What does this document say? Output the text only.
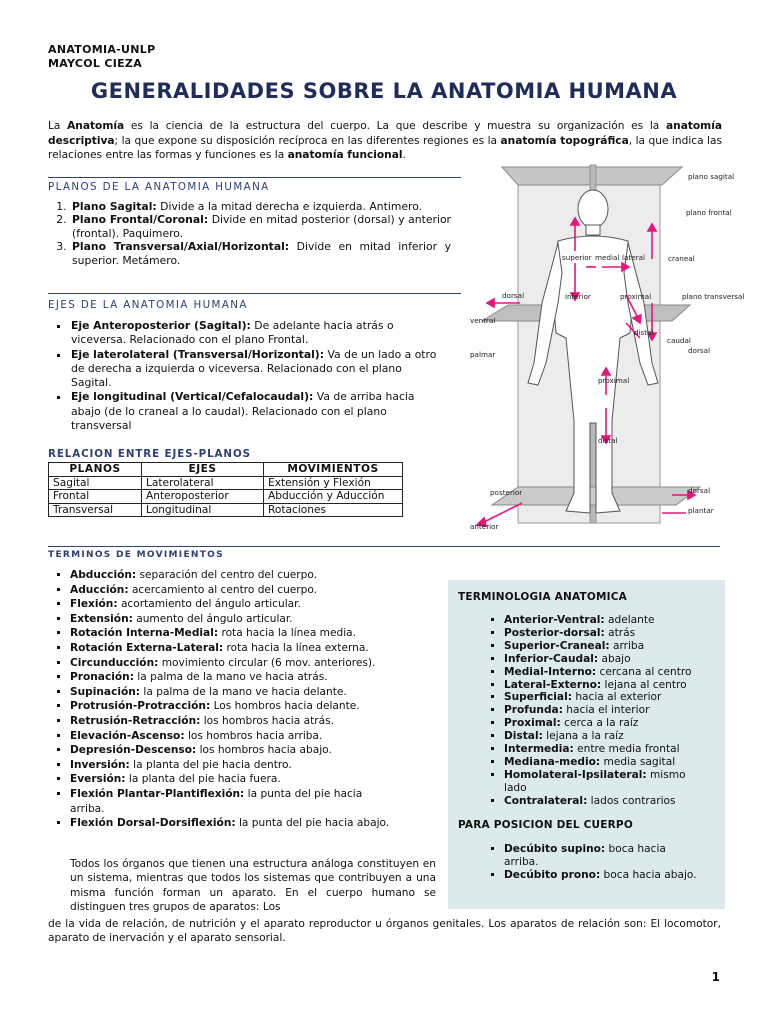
ANATOMIA-UNLP
MAYCOL CIEZA
GENERALIDADES SOBRE LA ANATOMIA HUMANA
La Anatomía es la ciencia de la estructura del cuerpo. La que describe y muestra su organización es la anatomía descriptiva; la que expone su disposición recíproca en las diferentes regiones es la anatomía topográfica, la que indica las relaciones entre las formas y funciones es la anatomía funcional.
PLANOS DE LA ANATOMIA HUMANA
1. Plano Sagital: Divide a la mitad derecha e izquierda. Antimero.
2. Plano Frontal/Coronal: Divide en mitad posterior (dorsal) y anterior (frontal). Paquimero.
3. Plano Transversal/Axial/Horizontal: Divide en mitad inferior y superior. Metámero.
EJES DE LA ANATOMIA HUMANA
▪ Eje Anteroposterior (Sagital): De adelante hacia atrás o viceversa. Relacionado con el plano Frontal.
▪ Eje laterolateral (Transversal/Horizontal): Va de un lado a otro de derecha a izquierda o viceversa. Relacionado con el plano Sagital.
▪ Eje longitudinal (Vertical/Cefalocaudal): Va de arriba hacia abajo (de lo craneal a lo caudal). Relacionado con el plano transversal
RELACION ENTRE EJES-PLANOS
PLANOS	EJES	MOVIMIENTOS
Sagital	Laterolateral	Extensión y Flexión
Frontal	Anteroposterior	Abducción y Aducción
Transversal	Longitudinal	Rotaciones
plano sagital
plano frontal
craneal
plano transversal
caudal
dorsal
superior medial lateral
inferior	proximal
distal
dorsal
ventral
palmar
proximal
distal
posterior
anterior
dorsal
plantar
TERMINOS DE MOVIMIENTOS
▪ Abducción: separación del centro del cuerpo.
▪ Aducción: acercamiento al centro del cuerpo.
▪ Flexión: acortamiento del ángulo articular.
▪ Extensión: aumento del ángulo articular.
▪ Rotación Interna-Medial: rota hacia la línea media.
▪ Rotación Externa-Lateral: rota hacia la línea externa.
▪ Circunducción: movimiento circular (6 mov. anteriores).
▪ Pronación: la palma de la mano ve hacia atrás.
▪ Supinación: la palma de la mano ve hacia delante.
▪ Protrusión-Protracción: Los hombros hacia delante.
▪ Retrusión-Retracción: los hombros hacia atrás.
▪ Elevación-Ascenso: los hombros hacia arriba.
▪ Depresión-Descenso: los hombros hacia abajo.
▪ Inversión: la planta del pie hacia dentro.
▪ Eversión: la planta del pie hacia fuera.
▪ Flexión Plantar-Plantiflexión: la punta del pie hacia arriba.
▪ Flexión Dorsal-Dorsiflexión: la punta del pie hacia abajo.
TERMINOLOGIA ANATOMICA
▪ Anterior-Ventral: adelante
▪ Posterior-dorsal: atrás
▪ Superior-Craneal: arriba
▪ Inferior-Caudal: abajo
▪ Medial-Interno: cercana al centro
▪ Lateral-Externo: lejana al centro
▪ Superficial: hacia al exterior
▪ Profunda: hacia el interior
▪ Proximal: cerca a la raíz
▪ Distal: lejana a la raíz
▪ Intermedia: entre media frontal
▪ Mediana-medio: media sagital
▪ Homolateral-Ipsilateral: mismo lado
▪ Contralateral: lados contrarios
PARA POSICION DEL CUERPO
▪ Decúbito supino: boca hacia arriba.
▪ Decúbito prono: boca hacia abajo.
Todos los órganos que tienen una estructura análoga constituyen en un sistema, mientras que todos los sistemas que contribuyen a una misma función forman un aparato. En el cuerpo humano se distinguen tres grupos de aparatos: Los
de la vida de relación, de nutrición y el aparato reproductor u órganos genitales. Los aparatos de relación son: El locomotor, aparato de inervación y el aparato sensorial.
1
